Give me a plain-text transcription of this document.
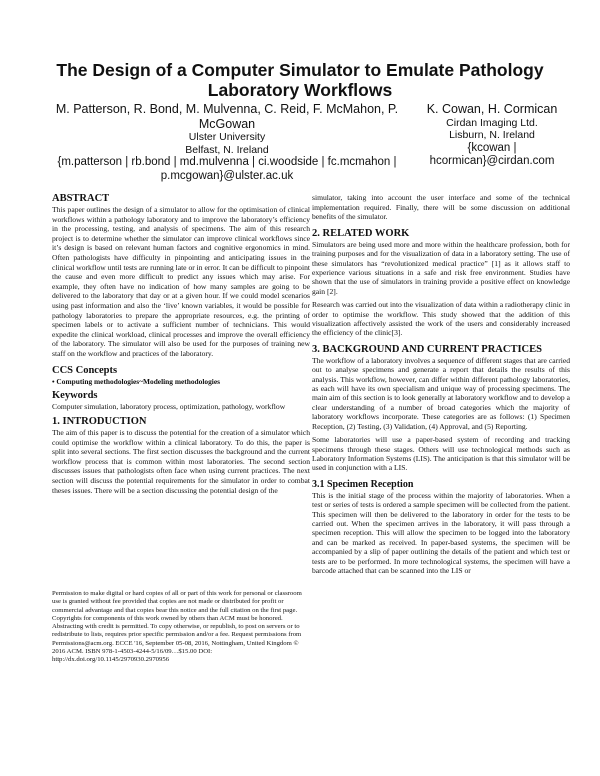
The Design of a Computer Simulator to Emulate Pathology Laboratory Workflows
M. Patterson, R. Bond, M. Mulvenna, C. Reid, F. McMahon, P. McGowan
Ulster University
Belfast, N. Ireland
{m.patterson | rb.bond | md.mulvenna | ci.woodside | fc.mcmahon | p.mcgowan}@ulster.ac.uk
K. Cowan, H. Cormican
Cirdan Imaging Ltd.
Lisburn, N. Ireland
{kcowan | hcormican}@cirdan.com
ABSTRACT
This paper outlines the design of a simulator to allow for the optimisation of clinical workflows within a pathology laboratory and to improve the laboratory’s efficiency in the processing, testing, and analysis of specimens. The aim of this research project is to determine whether the simulator can improve clinical workflows since it’s design is based on relevant human factors and cognitive ergonomics in mind. Often pathologists have difficulty in pinpointing and anticipating issues in the clinical workflow until tests are running late or in error. It can be difficult to pinpoint the cause and even more difficult to predict any issues which may arise. For example, they often have no indication of how many samples are going to be delivered to the laboratory that day or at a given hour. If we could model scenarios using past information and also the ‘live’ known variables, it would be possible for pathology laboratories to prepare the appropriate resources, e.g. the printing of specimen labels or to activate a sufficient number of technicians. This would expedite the clinical workload, clinical processes and improve the overall efficiency of the laboratory. The simulator will also be used for the purposes of training new staff on the workflow and practices of the laboratory.
CCS Concepts
• Computing methodologies~Modeling methodologies
Keywords
Computer simulation, laboratory process, optimization, pathology, workflow
1. INTRODUCTION
The aim of this paper is to discuss the potential for the creation of a simulator which could optimise the workflow within a clinical laboratory. To do this, the paper is split into several sections. The first section discusses the background and the current workflow process that is common within most laboratories. The second section discusses issues that pathologists often face when using current practices. The next section will discuss the potential requirements for the simulator in order to combat theses issues. There will be a section discussing the potential design of the
Permission to make digital or hard copies of all or part of this work for personal or classroom use is granted without fee provided that copies are not made or distributed for profit or commercial advantage and that copies bear this notice and the full citation on the first page. Copyrights for components of this work owned by others than ACM must be honored. Abstracting with credit is permitted. To copy otherwise, or republish, to post on servers or to redistribute to lists, requires prior specific permission and/or a fee. Request permissions from Permissions@acm.org. ECCE '16, September 05-08, 2016, Nottingham, United Kingdom © 2016 ACM. ISBN 978-1-4503-4244-5/16/09…$15.00 DOI: http://dx.doi.org/10.1145/2970930.2970956
simulator, taking into account the user interface and some of the technical implementation required. Finally, there will be some discussion on additional benefits of the simulator.
2. RELATED WORK
Simulators are being used more and more within the healthcare profession, both for training purposes and for the visualization of data in a laboratory setting. The use of these simulators has “revolutionized medical practice” [1] as it allows staff to experience various situations in a safe and risk free environment. Studies have shown that the use of simulators in training provide a positive effect on knowledge gain [2].
Research was carried out into the visualization of data within a radiotherapy clinic in order to optimise the workflow. This study showed that the addition of this visualization affectively assisted the work of the users and considerably increased the efficiency of the clinic[3].
3. BACKGROUND AND CURRENT PRACTICES
The workflow of a laboratory involves a sequence of different stages that are carried out to analyse specimens and generate a report that details the results of this analysis. This workflow, however, can differ within different pathology laboratories, as each will have its own specialism and unique way of processing specimens. The main aim of this section is to look generally at laboratory workflow and to develop a clear understanding of a number of broad categories which the majority of laboratory workflows incorporate. These categories are as follows: (1) Specimen Reception, (2) Testing, (3) Validation, (4) Approval, and (5) Reporting.
Some laboratories will use a paper-based system of recording and tracking specimens through these stages. Others will use technological methods such as Laboratory Information Systems (LIS). The anticipation is that this simulator will be used in conjunction with a LIS.
3.1 Specimen Reception
This is the initial stage of the process within the majority of laboratories. When a test or series of tests is ordered a sample specimen will be collected from the patient. This specimen will then be delivered to the laboratory in order for the tests to be carried out. When the specimen arrives in the laboratory, it will pass through a specimen reception. This will allow the specimen to be logged into the laboratory and can be marked as received. In paper-based systems, the specimen will be accompanied by a slip of paper outlining the details of the patient and which test or tests are to be performed. In more technological systems, the specimen will have a barcode attached that can be scanned into the LIS or
